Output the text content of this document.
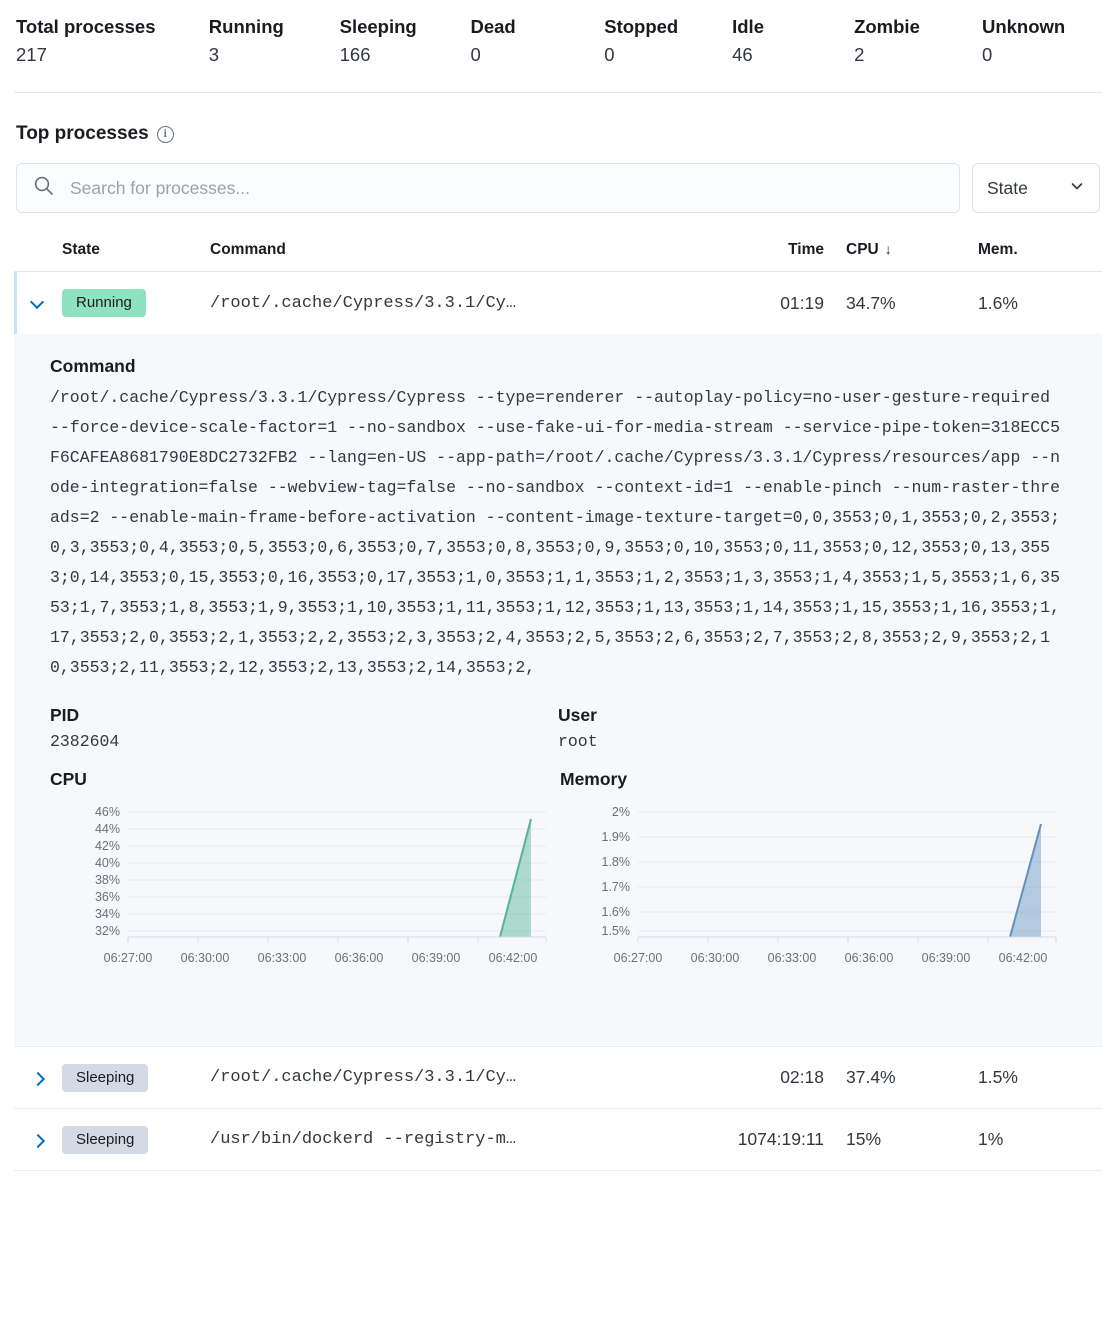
Total processes
217
Running
3
Sleeping
166
Dead
0
Stopped
0
Idle
46
Zombie
2
Unknown
0
Top processes	i
Search for processes...
State
State	Command	Time	CPU ↓	Mem.
Running	/root/.cache/Cypress/3.3.1/Cy…	01:19	34.7%	1.6%
Command
/root/.cache/Cypress/3.3.1/Cypress/Cypress --type=renderer --autoplay-policy=no-user-gesture-required --force-device-scale-factor=1 --no-sandbox --use-fake-ui-for-media-stream --service-pipe-token=318ECC5F6CAFEA8681790E8DC2732FB2 --lang=en-US --app-path=/root/.cache/Cypress/3.3.1/Cypress/resources/app --node-integration=false --webview-tag=false --no-sandbox --context-id=1 --enable-pinch --num-raster-threads=2 --enable-main-frame-before-activation --content-image-texture-target=0,0,3553;0,1,3553;0,2,3553;0,3,3553;0,4,3553;0,5,3553;0,6,3553;0,7,3553;0,8,3553;0,9,3553;0,10,3553;0,11,3553;0,12,3553;0,13,3553;0,14,3553;0,15,3553;0,16,3553;0,17,3553;1,0,3553;1,1,3553;1,2,3553;1,3,3553;1,4,3553;1,5,3553;1,6,3553;1,7,3553;1,8,3553;1,9,3553;1,10,3553;1,11,3553;1,12,3553;1,13,3553;1,14,3553;1,15,3553;1,16,3553;1,17,3553;2,0,3553;2,1,3553;2,2,3553;2,3,3553;2,4,3553;2,5,3553;2,6,3553;2,7,3553;2,8,3553;2,9,3553;2,10,3553;2,11,3553;2,12,3553;2,13,3553;2,14,3553;2,
PID
2382604
User
root
CPU
46%
44%
42%
40%
38%
36%
34%
32%
06:27:00 06:30:00 06:33:00 06:36:00 06:39:00 06:42:00
Memory
2%
1.9%
1.8%
1.7%
1.6%
1.5%
06:27:00 06:30:00 06:33:00 06:36:00 06:39:00 06:42:00
Sleeping	/root/.cache/Cypress/3.3.1/Cy…	02:18	37.4%	1.5%
Sleeping	/usr/bin/dockerd --registry-m…	1074:19:11	15%	1%
